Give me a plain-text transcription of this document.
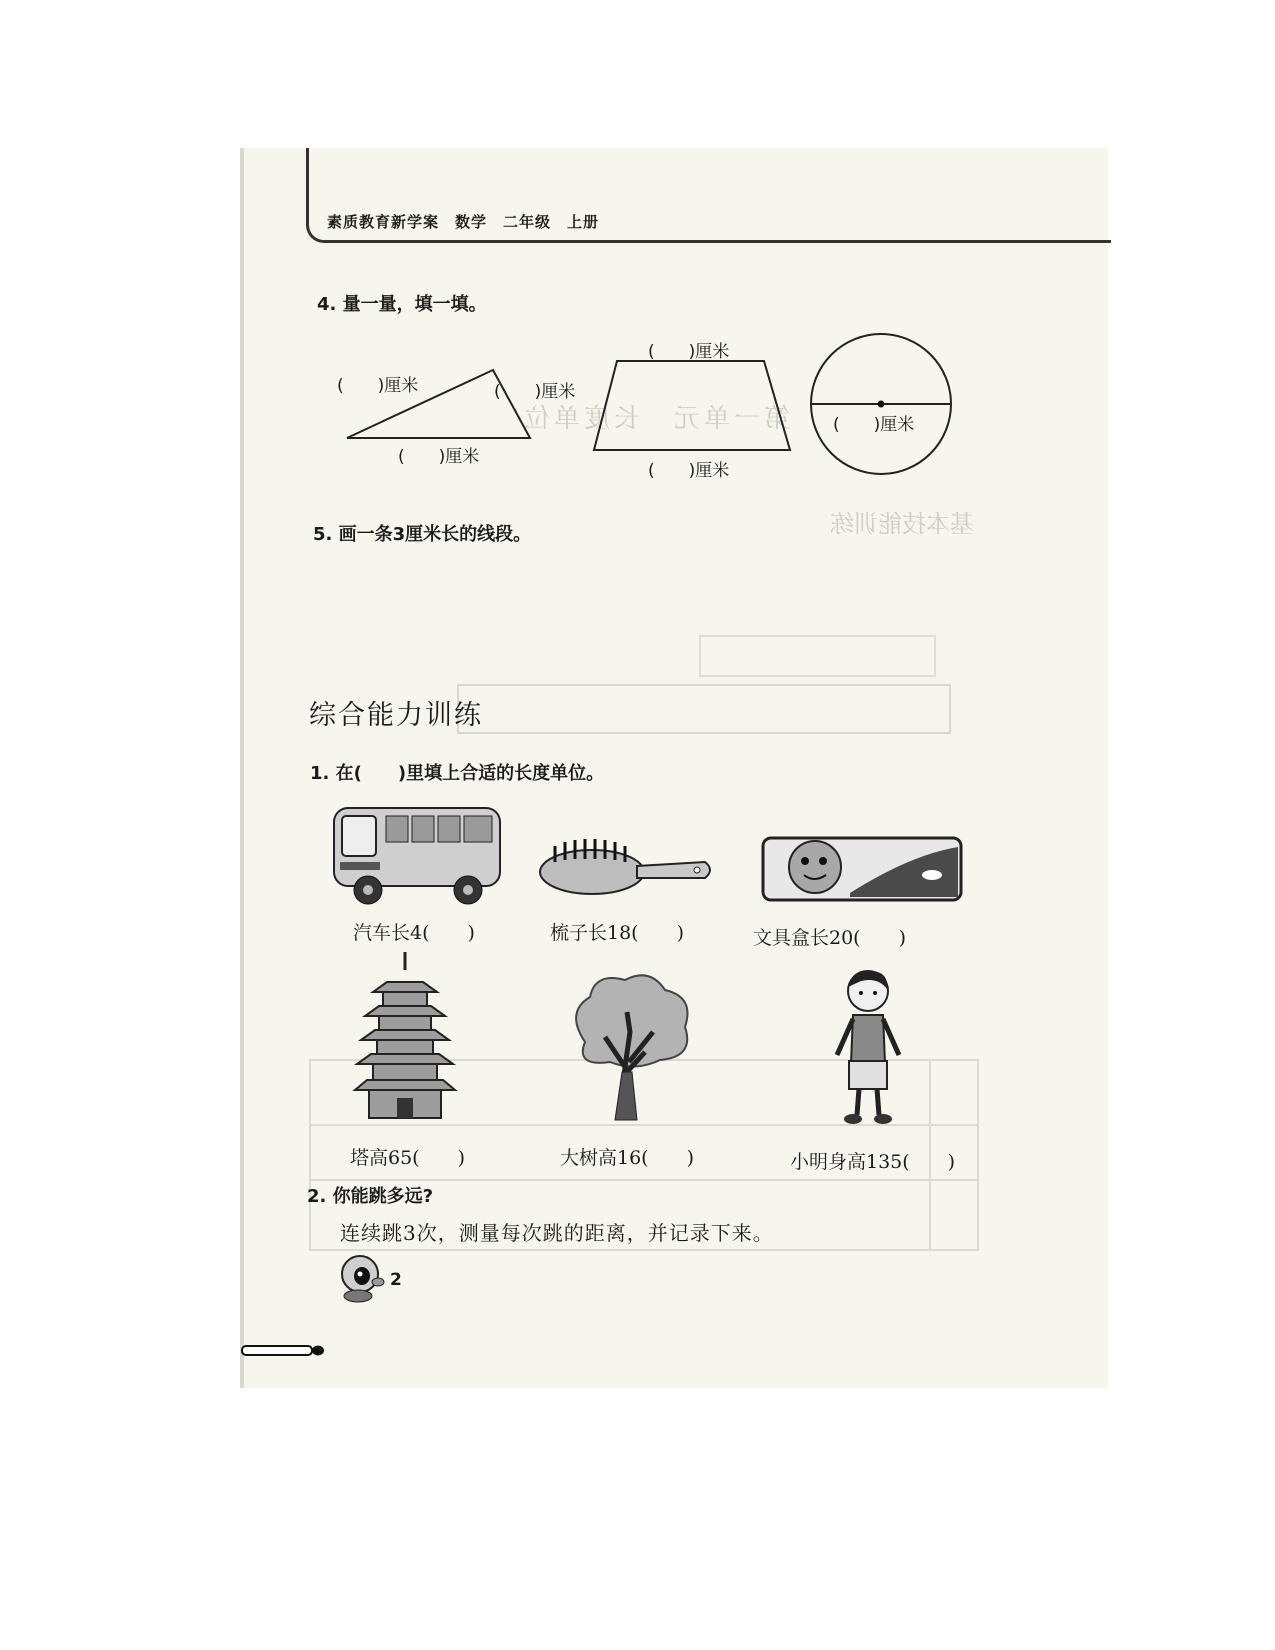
第一单元　长度单位
基本技能训练
素质教育新学案　数学　二年级　上册
4. 量一量，填一填。
(　　)厘米	(　　)厘米
(　　)厘米
(　　)厘米
(　　)厘米
(　　)厘米
5. 画一条3厘米长的线段。
综合能力训练
1. 在(　　)里填上合适的长度单位。
汽车长4(　　)	梳子长18(　　)	文具盒长20(　　)
塔高65(　　)	大树高16(　　)	小明身高135(　　)
2. 你能跳多远?
连续跳3次，测量每次跳的距离，并记录下来。
2
